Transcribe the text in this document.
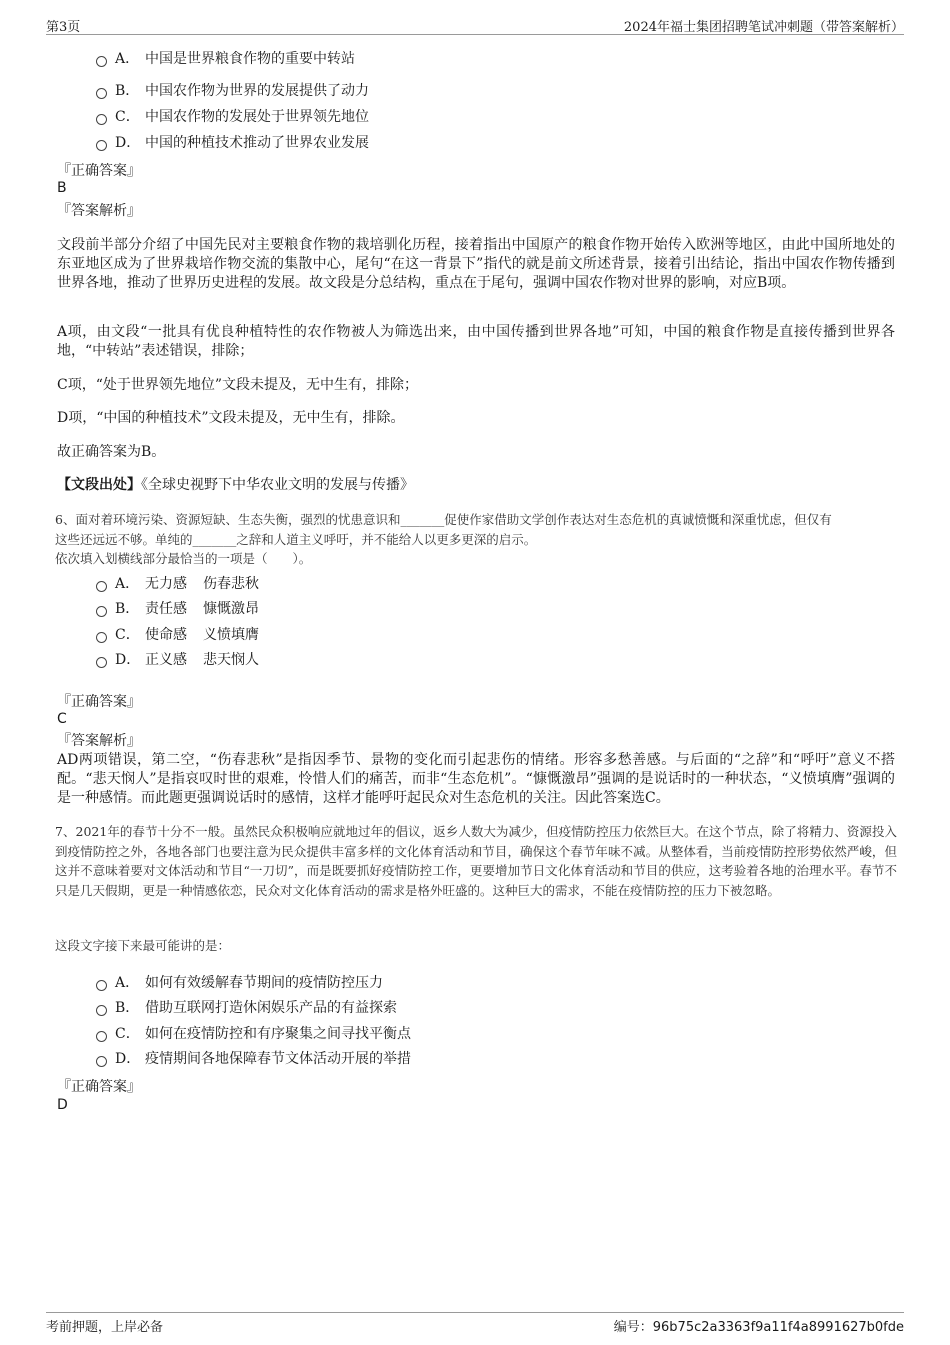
第3页	2024年福士集团招聘笔试冲刺题（带答案解析）
A． 中国是世界粮食作物的重要中转站
B． 中国农作物为世界的发展提供了动力
C． 中国农作物的发展处于世界领先地位
D． 中国的种植技术推动了世界农业发展
『正确答案』
B
『答案解析』
文段前半部分介绍了中国先民对主要粮食作物的栽培驯化历程，接着指出中国原产的粮食作物开始传入欧洲等地区，由此中国所地处的东亚地区成为了世界栽培作物交流的集散中心，尾句“在这一背景下”指代的就是前文所述背景，接着引出结论，指出中国农作物传播到世界各地，推动了世界历史进程的发展。故文段是分总结构，重点在于尾句，强调中国农作物对世界的影响，对应B项。
A项，由文段“一批具有优良种植特性的农作物被人为筛选出来，由中国传播到世界各地”可知，中国的粮食作物是直接传播到世界各地，“中转站”表述错误，排除；
C项，“处于世界领先地位”文段未提及，无中生有，排除；
D项，“中国的种植技术”文段未提及，无中生有，排除。
故正确答案为B。
【文段出处】《全球史视野下中华农业文明的发展与传播》
6、面对着环境污染、资源短缺、生态失衡，强烈的忧患意识和_______促使作家借助文学创作表达对生态危机的真诚愤慨和深重忧虑，但仅有
这些还远远不够。单纯的_______之辞和人道主义呼吁，并不能给人以更多更深的启示。
依次填入划横线部分最恰当的一项是（　　）。
A． 无力感 伤春悲秋
B． 责任感 慷慨激昂
C． 使命感 义愤填膺
D． 正义感 悲天悯人
『正确答案』
C
『答案解析』
AD两项错误，第二空，“伤春悲秋”是指因季节、景物的变化而引起悲伤的情绪。形容多愁善感。与后面的“之辞”和“呼吁”意义不搭配。“悲天悯人”是指哀叹时世的艰难，怜惜人们的痛苦，而非“生态危机”。“慷慨激昂”强调的是说话时的一种状态，“义愤填膺”强调的是一种感情。而此题更强调说话时的感情，这样才能呼吁起民众对生态危机的关注。因此答案选C。
7、2021年的春节十分不一般。虽然民众积极响应就地过年的倡议，返乡人数大为减少，但疫情防控压力依然巨大。在这个节点，除了将精力、资源投入到疫情防控之外，各地各部门也要注意为民众提供丰富多样的文化体育活动和节目，确保这个春节年味不减。从整体看，当前疫情防控形势依然严峻，但这并不意味着要对文体活动和节目“一刀切”，而是既要抓好疫情防控工作，更要增加节日文化体育活动和节目的供应，这考验着各地的治理水平。春节不只是几天假期，更是一种情感依恋，民众对文化体育活动的需求是格外旺盛的。这种巨大的需求，不能在疫情防控的压力下被忽略。
这段文字接下来最可能讲的是：
A． 如何有效缓解春节期间的疫情防控压力
B． 借助互联网打造休闲娱乐产品的有益探索
C． 如何在疫情防控和有序聚集之间寻找平衡点
D． 疫情期间各地保障春节文体活动开展的举措
『正确答案』
D
考前押题，上岸必备	编号：96b75c2a3363f9a11f4a8991627b0fde
